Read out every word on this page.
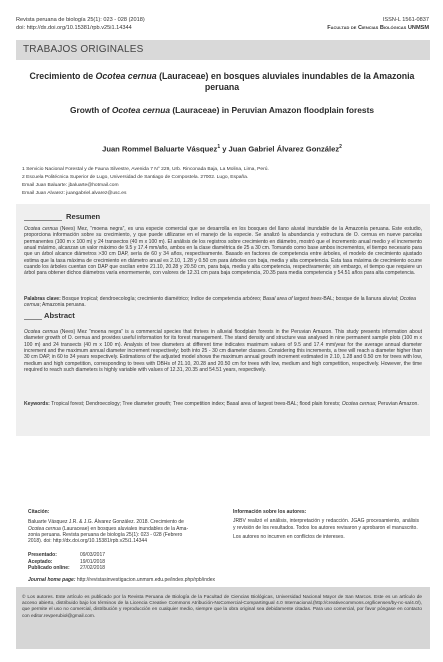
Revista peruana de biología 25(1): 023 - 028 (2018)
doi: http://dx.doi.org/10.15381/rpb.v25i1.14344
ISSN-L 1561-0837
Facultad de Ciencias Biológicas UNMSM
TRABAJOS ORIGINALES
Crecimiento de Ocotea cernua (Lauraceae) en bosques aluviales inundables de la Amazonia peruana
Growth of Ocotea cernua (Lauraceae) in Peruvian Amazon floodplain forests
Juan Rommel Baluarte Vásquez$^1$ y Juan Gabriel Álvarez González$^2$
1 Servicio Nacional Forestal y de Fauna Silvestre, Avenida 7 N° 229, Urb. Rinconada Baja, La Molina, Lima, Perú.
2 Escuela Politécnica Superior de Lugo, Universidad de Santiago de Compostela. 27002. Lugo, España.
Email Juan Baluarte: jbaluarte@hotmail.com
Email Juan Alvarez: juangabriel.alvarez@usc.es
Resumen
Ocotea cernua (Nees) Mez, “moena negra”, es una especie comercial que se desarrolla en los bosques del llano aluvial inundable de la Amazonía peruana. Este estudio, proporciona información sobre su crecimiento, y que puede utilizarse en el manejo de la especie. Se analizó la abundancia y estructura de O. cernua en nueve parcelas permanentes (100 m x 100 m) y 24 transectos (40 m x 100 m). El análisis de los registros sobre crecimiento en diámetro, mostró que el incremento anual medio y el incremento anual máximo, alcanzan un valor máximo de 9.5 y 17.4 mm/año, ambos en la clase diamétrica de 25 a 30 cm. Tomando como base ambos incrementos, el tiempo necesario para que un árbol alcance diámetros >30 cm DAP, sería de 60 y 34 años, respectivamente. Basado en factores de competencia entre árboles, el modelo de crecimiento ajustado estima que la tasa máxima de crecimiento en diámetro anual es 2.10, 1.28 y 0.50 cm para árboles con baja, media y alta competencia. Esta tasa máxima de crecimiento ocurre cuando los árboles cuentan con DAP que oscilan entre 21.10, 20.28 y 20.50 cm, para baja, media y alta competencia, respectivamente; sin embargo, el tiempo que requiere un árbol para obtener dichos diámetros varía enormemente, con valores de 12.31 cm para baja competencia, 20.35 para media competencia y 54.51 años para alta competencia.
Palabras clave: Bosque tropical; dendroecología; crecimiento diamétrico; índice de competencia arbóreo; Basal area of largest trees-BAL; bosque de la llanura aluvial; Ocotea cernua; Amazonia peruana.
Abstract
Ocotea cernua (Nees) Mez “moena negra” is a commercial species that thrives in alluvial floodplain forests in the Peruvian Amazon. This study presents information about diameter growth of O. cernua and provides useful information for its forest management. The stand density and structure was analysed in nine permanent sample plots (100 m x 100 m) and 24 transects (40 m x 100 m). Analysis of tree diameters at different time indicates maximum values of 9.5 and 17.4 mm/year for the average annual diameter increment and the maximum annual diameter increment respectively; both into 25 - 30 cm diameter classes. Considering this increments, a tree will reach a diameter higher than 30 cm DAP, in 60 to 34 years respectively. Estimations of the adjusted model shows the maximum annual growth increment estimated in 2.10, 1.28 and 0.50 cm for trees with low, medium and high competition, corresponding to trees with DBHs of 21.10, 20.28 and 20.50 cm for trees with low, medium and high competition, respectively. However, the time required to reach such diameters is highly variable with values of 12.31, 20.35 and 54.51 years, respectively.
Keywords: Tropical forest; Dendroecology; Tree diameter growth; Tree competition index; Basal area of largest trees-BAL; flood plain forests; Ocotea cernua; Peruvian Amazon.
Citación:
Baluarte Vásquez J.R. & J.G. Álvarez González. 2018. Crecimiento de
Ocotea cernua (Lauraceae) en bosques aluviales inundables de la Ama-
zonia peruana. Revista peruana de biología 25(1): 023 - 028 (Febrero
2018). doi: http://dx.doi.org/10.15381/rpb.v25i1.14344
Presentado:	09/03/2017
Aceptado:	19/01/2018
Publicado online: 27/02/2018
Información sobre los autores:
JRBV realizó el análisis, interpretación y redacción. JGAG procesamiento, análisis y revisión de los resultados. Todos los autores revisaron y aprobaron el manuscrito.
Los autores no incurren en conflictos de intereses.
Journal home page: http://revistasinvestigacion.unmsm.edu.pe/index.php/rpb/index

© Los autores. Este artículo es publicado por la Revista Peruana de Biología de la Facultad de Ciencias Biológicas, Universidad Nacional Mayor de San Marcos. Este es un artículo de acceso abierto, distribuido bajo los términos de la Licencia Creative Commons Atribución-NoComercial-CompartirIgual 4.0 Internacional.(http://creativecommons.org/licenses/by-nc-sa/4.0/), que permite el uso no comercial, distribución y reproducción en cualquier medio, siempre que la obra original sea debidamente citadas. Para uso comercial, por favor póngase en contacto con editor.revperubiol@gmail.com.
